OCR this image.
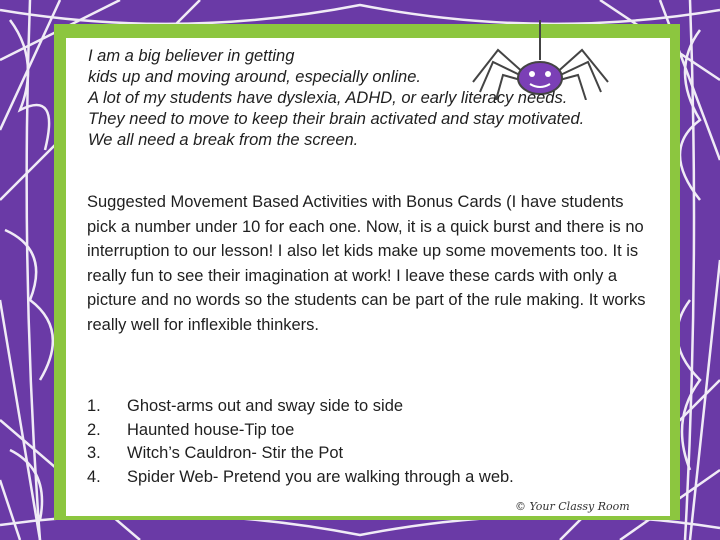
I am a big believer in getting
kids up and moving around, especially online.
A lot of my students have dyslexia, ADHD, or early literacy needs.
They need to move to keep their brain activated and stay motivated.
We all need a break from the screen.
Suggested Movement Based Activities with Bonus Cards (I have students pick a number under 10 for each one. Now, it is a quick burst and there is no interruption to our lesson! I also let kids make up some movements too. It is really fun to see their imagination at work! I leave these cards with only a picture and no words so the students can be part of the rule making. It works really well for inflexible thinkers.
1.	Ghost-arms out and sway side to side
2.	Haunted house-Tip toe
3.	Witch’s Cauldron- Stir the Pot
4.	Spider Web- Pretend you are walking through a web.
© Your Classy Room
